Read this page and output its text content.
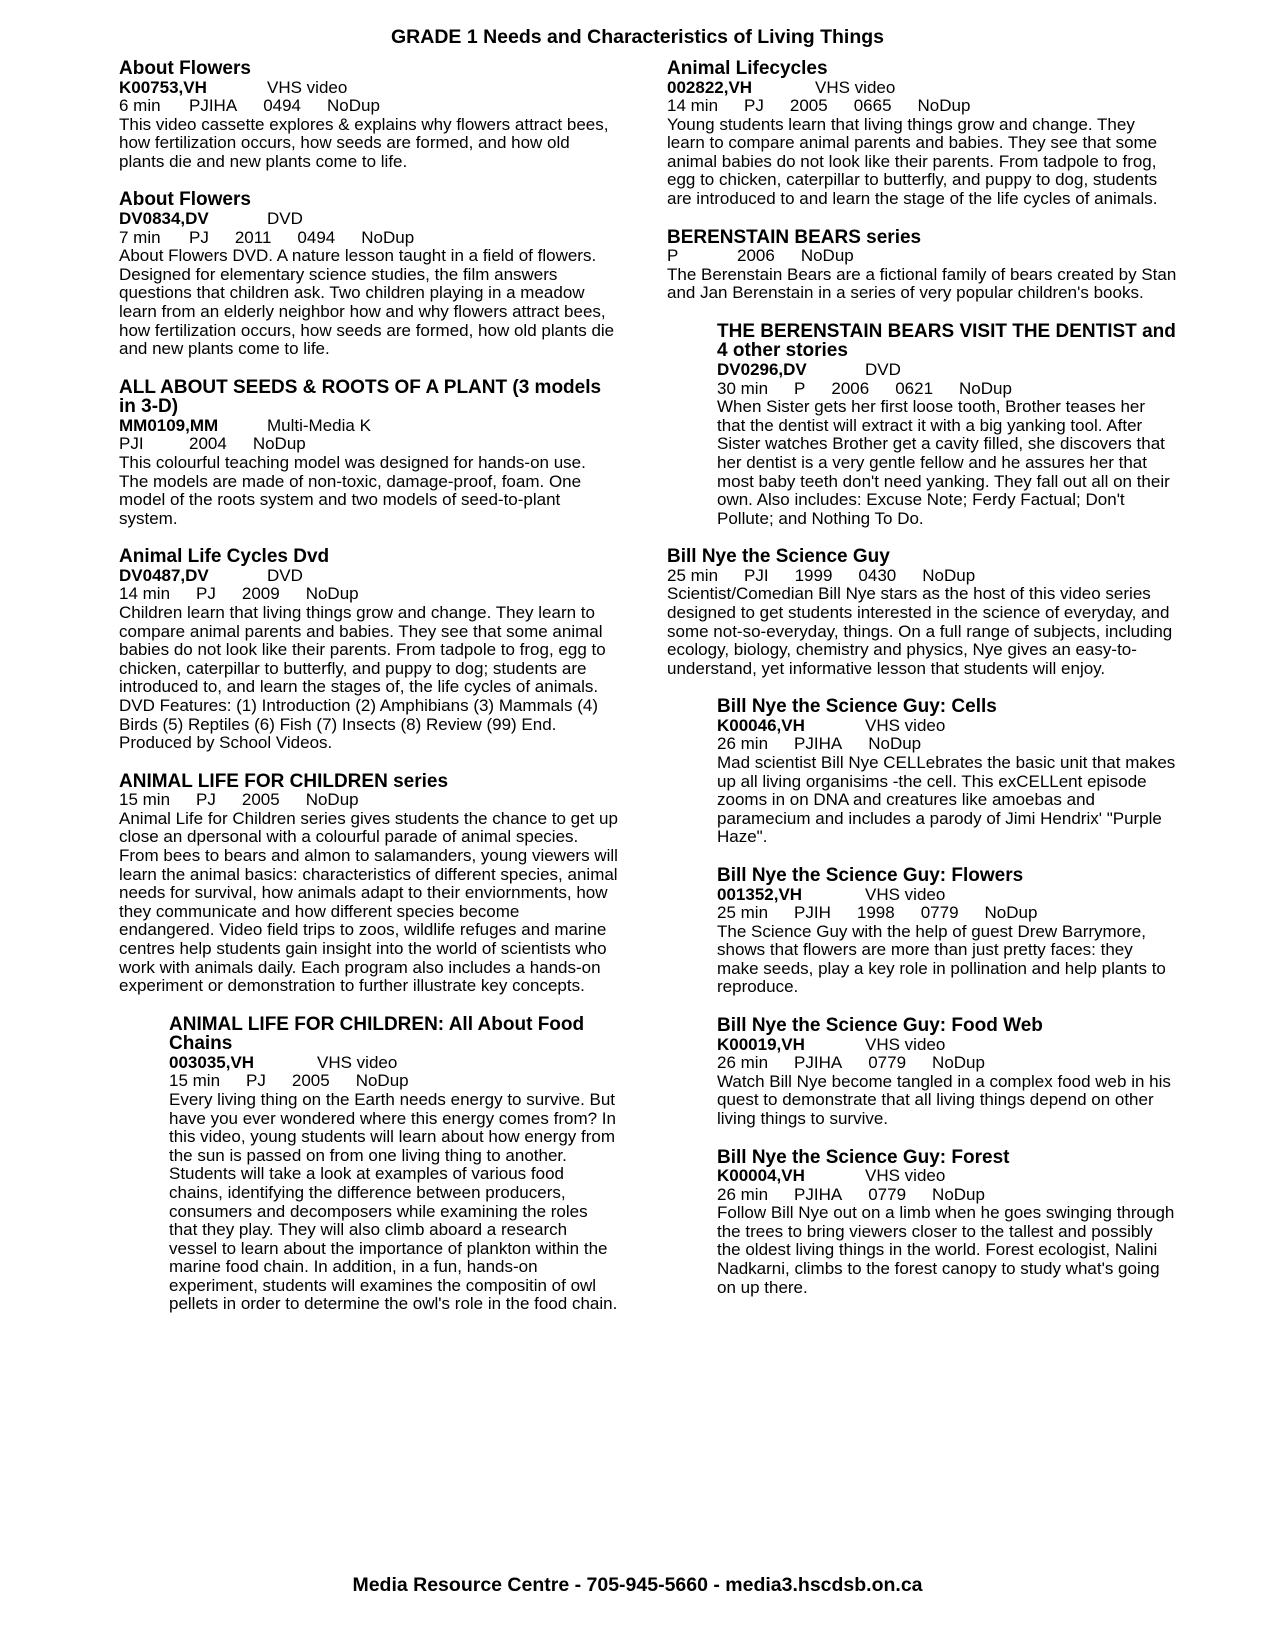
GRADE 1 Needs and Characteristics of Living Things
About Flowers
K00753,VH	VHS video
6 min PJIHA 0494 NoDup

This video cassette explores & explains why flowers attract bees, how fertilization occurs, how seeds are formed, and how old plants die and new plants come to life.

About Flowers
DV0834,DV	DVD
7 min PJ 2011 0494 NoDup

About Flowers DVD. A nature lesson taught in a field of flowers. Designed for elementary science studies, the film answers questions that children ask. Two children playing in a meadow learn from an elderly neighbor how and why flowers attract bees, how fertilization occurs, how seeds are formed, how old plants die and new plants come to life.

ALL ABOUT SEEDS & ROOTS OF A PLANT (3 models in 3-D)
MM0109,MM	Multi-Media K
PJI	2004 NoDup

This colourful teaching model was designed for hands-on use. The models are made of non-toxic, damage-proof, foam. One model of the roots system and two models of seed-to-plant system.

Animal Life Cycles Dvd
DV0487,DV	DVD
14 min PJ 2009 NoDup

Children learn that living things grow and change. They learn to compare animal parents and babies. They see that some animal babies do not look like their parents. From tadpole to frog, egg to chicken, caterpillar to butterfly, and puppy to dog; students are introduced to, and learn the stages of, the life cycles of animals. DVD Features: (1) Introduction (2) Amphibians (3) Mammals (4) Birds (5) Reptiles (6) Fish (7) Insects (8) Review (99) End. Produced by School Videos.

ANIMAL LIFE FOR CHILDREN series
15 min PJ 2005 NoDup

Animal Life for Children series gives students the chance to get up close an dpersonal with a colourful parade of animal species. From bees to bears and almon to salamanders, young viewers will learn the animal basics: characteristics of different species, animal needs for survival, how animals adapt to their enviornments, how they communicate and how different species become endangered. Video field trips to zoos, wildlife refuges and marine centres help students gain insight into the world of scientists who work with animals daily. Each program also includes a hands-on experiment or demonstration to further illustrate key concepts.

ANIMAL LIFE FOR CHILDREN: All About Food Chains
003035,VH	VHS video
15 min PJ 2005 NoDup

Every living thing on the Earth needs energy to survive. But have you ever wondered where this energy comes from? In this video, young students will learn about how energy from the sun is passed on from one living thing to another. Students will take a look at examples of various food chains, identifying the difference between producers, consumers and decomposers while examining the roles that they play. They will also climb aboard a research vessel to learn about the importance of plankton within the marine food chain. In addition, in a fun, hands-on experiment, students will examines the compositin of owl pellets in order to determine the owl's role in the food chain.

Animal Lifecycles
002822,VH	VHS video
14 min PJ 2005 0665 NoDup

Young students learn that living things grow and change. They learn to compare animal parents and babies. They see that some animal babies do not look like their parents. From tadpole to frog, egg to chicken, caterpillar to butterfly, and puppy to dog, students are introduced to and learn the stage of the life cycles of animals.

BERENSTAIN BEARS series
P	2006 NoDup

The Berenstain Bears are a fictional family of bears created by Stan and Jan Berenstain in a series of very popular children's books.

THE BERENSTAIN BEARS VISIT THE DENTIST and 4 other stories
DV0296,DV	DVD
30 min P 2006 0621 NoDup

When Sister gets her first loose tooth, Brother teases her that the dentist will extract it with a big yanking tool. After Sister watches Brother get a cavity filled, she discovers that her dentist is a very gentle fellow and he assures her that most baby teeth don't need yanking. They fall out all on their own. Also includes: Excuse Note; Ferdy Factual; Don't Pollute; and Nothing To Do.

Bill Nye the Science Guy
25 min PJI 1999 0430 NoDup

Scientist/Comedian Bill Nye stars as the host of this video series designed to get students interested in the science of everyday, and some not-so-everyday, things. On a full range of subjects, including ecology, biology, chemistry and physics, Nye gives an easy-to-understand, yet informative lesson that students will enjoy.

Bill Nye the Science Guy: Cells
K00046,VH	VHS video
26 min PJIHA NoDup

Mad scientist Bill Nye CELLebrates the basic unit that makes up all living organisims -the cell. This exCELLent episode zooms in on DNA and creatures like amoebas and paramecium and includes a parody of Jimi Hendrix' "Purple Haze".

Bill Nye the Science Guy: Flowers
001352,VH	VHS video
25 min PJIH 1998 0779 NoDup

The Science Guy with the help of guest Drew Barrymore, shows that flowers are more than just pretty faces: they make seeds, play a key role in pollination and help plants to reproduce.

Bill Nye the Science Guy: Food Web
K00019,VH	VHS video
26 min PJIHA 0779 NoDup

Watch Bill Nye become tangled in a complex food web in his quest to demonstrate that all living things depend on other living things to survive.

Bill Nye the Science Guy: Forest
K00004,VH	VHS video
26 min PJIHA 0779 NoDup

Follow Bill Nye out on a limb when he goes swinging through the trees to bring viewers closer to the tallest and possibly the oldest living things in the world. Forest ecologist, Nalini Nadkarni, climbs to the forest canopy to study what's going on up there.

Media Resource Centre - 705-945-5660 - media3.hscdsb.on.ca
